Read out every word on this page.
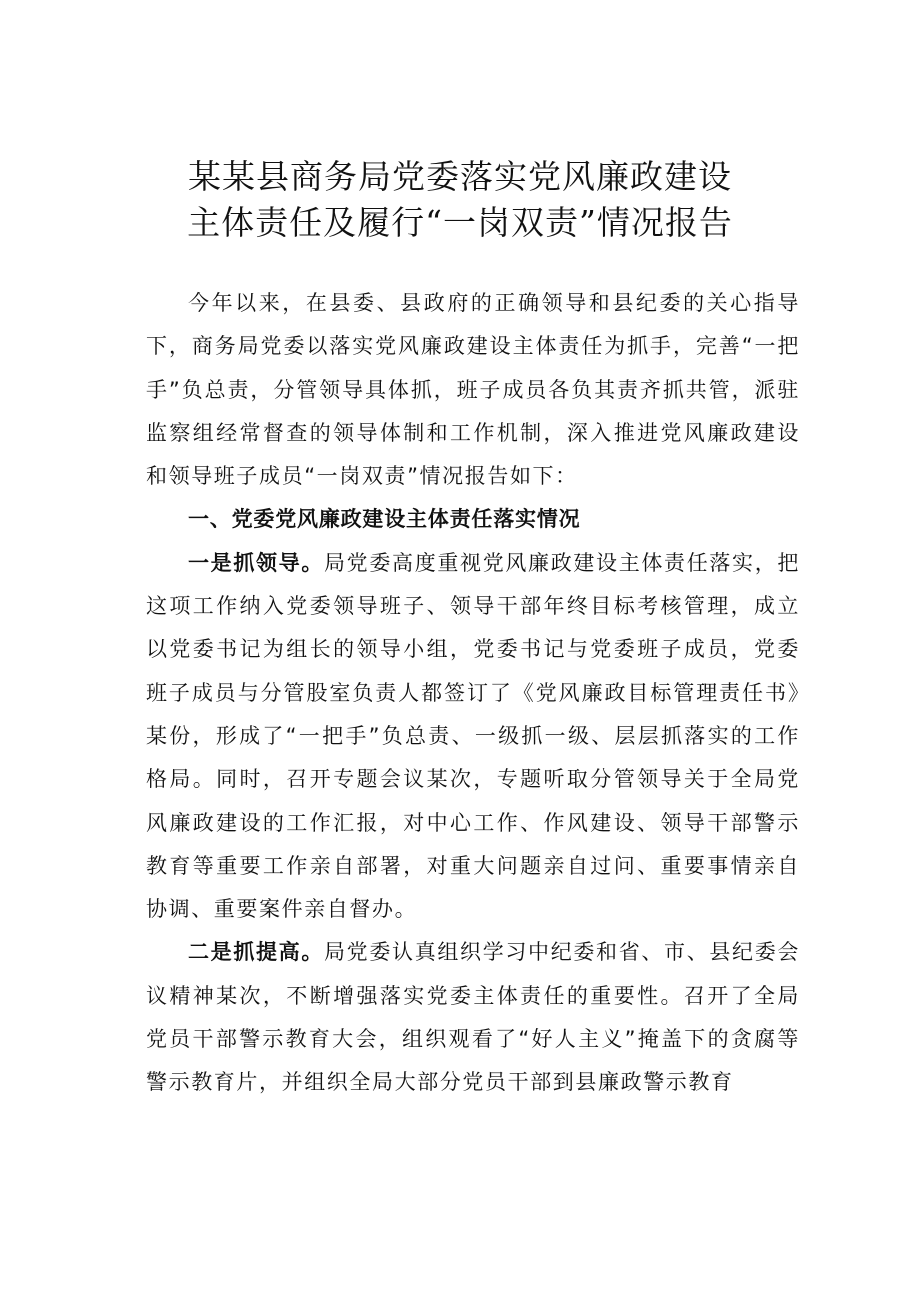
某某县商务局党委落实党风廉政建设
主体责任及履行“一岗双责”情况报告

今年以来，在县委、县政府的正确领导和县纪委的关心指导下，商务局党委以落实党风廉政建设主体责任为抓手，完善“一把手”负总责，分管领导具体抓，班子成员各负其责齐抓共管，派驻监察组经常督查的领导体制和工作机制，深入推进党风廉政建设和领导班子成员“一岗双责”情况报告如下：

一、党委党风廉政建设主体责任落实情况

一是抓领导。局党委高度重视党风廉政建设主体责任落实，把这项工作纳入党委领导班子、领导干部年终目标考核管理，成立以党委书记为组长的领导小组，党委书记与党委班子成员，党委班子成员与分管股室负责人都签订了《党风廉政目标管理责任书》某份，形成了“一把手”负总责、一级抓一级、层层抓落实的工作格局。同时，召开专题会议某次，专题听取分管领导关于全局党风廉政建设的工作汇报，对中心工作、作风建设、领导干部警示教育等重要工作亲自部署，对重大问题亲自过问、重要事情亲自协调、重要案件亲自督办。

二是抓提高。局党委认真组织学习中纪委和省、市、县纪委会议精神某次，不断增强落实党委主体责任的重要性。召开了全局党员干部警示教育大会，组织观看了“好人主义”掩盖下的贪腐等警示教育片，并组织全局大部分党员干部到县廉政警示教育
